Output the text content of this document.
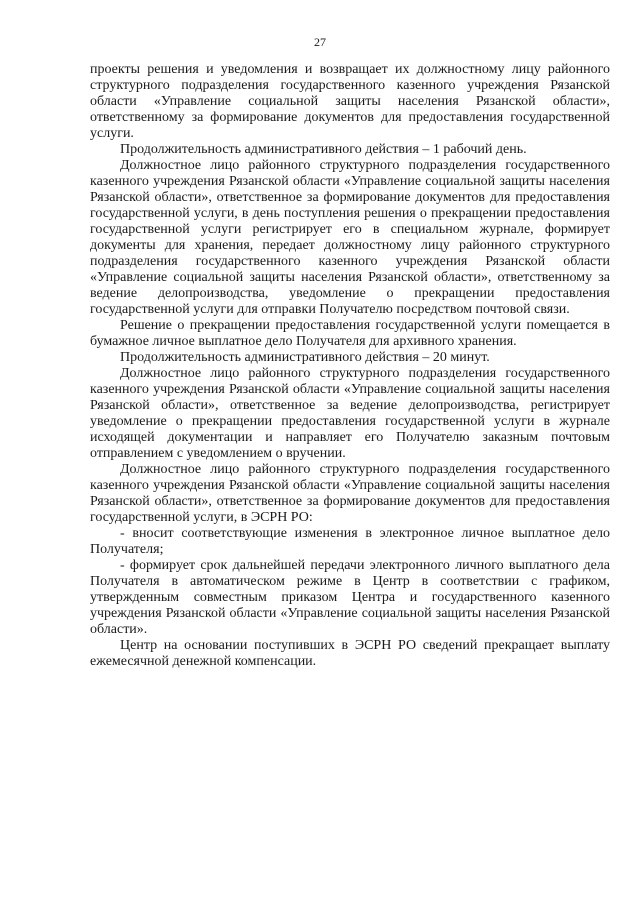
27

проекты решения и уведомления и возвращает их должностному лицу районного структурного подразделения государственного казенного учреждения Рязанской области «Управление социальной защиты населения Рязанской области», ответственному за формирование документов для предоставления государственной услуги.

Продолжительность административного действия – 1 рабочий день.

Должностное лицо районного структурного подразделения государственного казенного учреждения Рязанской области «Управление социальной защиты населения Рязанской области», ответственное за формирование документов для предоставления государственной услуги, в день поступления решения о прекращении предоставления государственной услуги регистрирует его в специальном журнале, формирует документы для хранения, передает должностному лицу районного структурного подразделения государственного казенного учреждения Рязанской области «Управление социальной защиты населения Рязанской области», ответственному за ведение делопроизводства, уведомление о прекращении предоставления государственной услуги для отправки Получателю посредством почтовой связи.

Решение о прекращении предоставления государственной услуги помещается в бумажное личное выплатное дело Получателя для архивного хранения.

Продолжительность административного действия – 20 минут.

Должностное лицо районного структурного подразделения государственного казенного учреждения Рязанской области «Управление социальной защиты населения Рязанской области», ответственное за ведение делопроизводства, регистрирует уведомление о прекращении предоставления государственной услуги в журнале исходящей документации и направляет его Получателю заказным почтовым отправлением с уведомлением о вручении.

Должностное лицо районного структурного подразделения государственного казенного учреждения Рязанской области «Управление социальной защиты населения Рязанской области», ответственное за формирование документов для предоставления государственной услуги, в ЭСРН РО:

- вносит соответствующие изменения в электронное личное выплатное дело Получателя;

- формирует срок дальнейшей передачи электронного личного выплатного дела Получателя в автоматическом режиме в Центр в соответствии с графиком, утвержденным совместным приказом Центра и государственного казенного учреждения Рязанской области «Управление социальной защиты населения Рязанской области».

Центр на основании поступивших в ЭСРН РО сведений прекращает выплату ежемесячной денежной компенсации.
